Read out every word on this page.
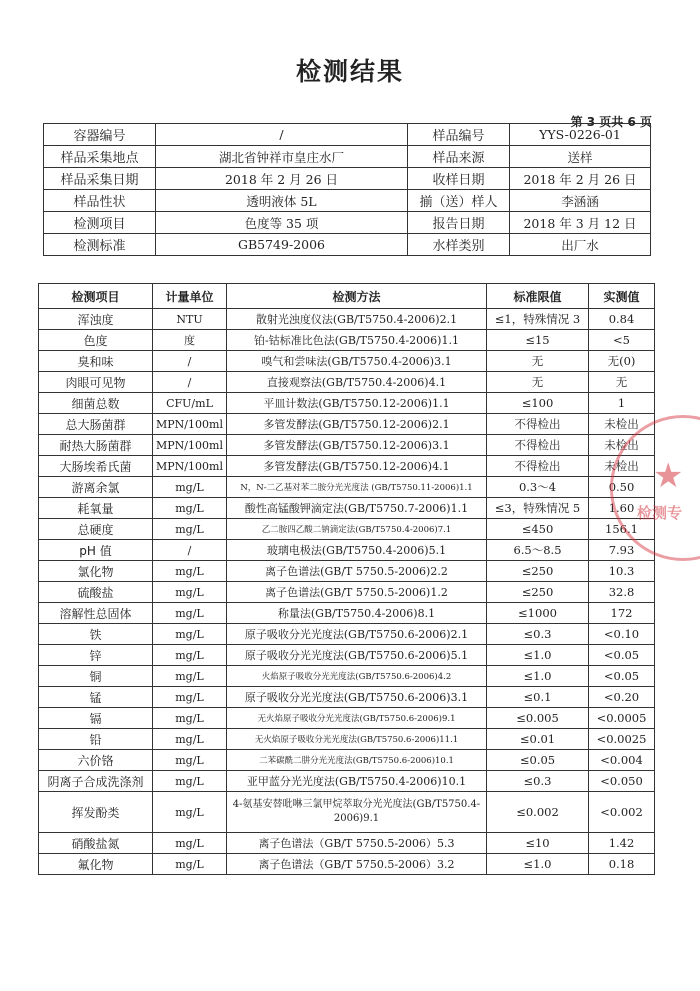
检测结果
第 3 页共 6 页
容器编号	/	样品编号	YYS-0226-01
样品采集地点	湖北省钟祥市皇庄水厂	样品来源	送样
样品采集日期	2018 年 2 月 26 日	收样日期	2018 年 2 月 26 日
样品性状	透明液体 5L	揃（送）样人	李涵涵
检测项目	色度等 35 项	报告日期	2018 年 3 月 12 日
检测标准	GB5749-2006	水样类别	出厂水
检测项目	计量单位	检测方法	标准限值	实测值
浑浊度	NTU	散射光浊度仪法(GB/T5750.4-2006)2.1	≤1，特殊情况 3	0.84
色度	度	铂-钴标准比色法(GB/T5750.4-2006)1.1	≤15	<5
臭和味	/	嗅气和尝味法(GB/T5750.4-2006)3.1	无	无(0)
肉眼可见物	/	直接观察法(GB/T5750.4-2006)4.1	无	无
细菌总数	CFU/mL	平皿计数法(GB/T5750.12-2006)1.1	≤100	1
总大肠菌群	MPN/100ml	多管发酵法(GB/T5750.12-2006)2.1	不得检出	未检出
耐热大肠菌群	MPN/100ml	多管发酵法(GB/T5750.12-2006)3.1	不得检出	未检出
大肠埃希氏菌	MPN/100ml	多管发酵法(GB/T5750.12-2006)4.1	不得检出	未检出
游离余氯	mg/L	N，N-二乙基对苯二胺分光光度法 (GB/T5750.11-2006)1.1	0.3～4	0.50
耗氧量	mg/L	酸性高锰酸钾滴定法(GB/T5750.7-2006)1.1	≤3，特殊情况 5	1.60
总硬度	mg/L	乙二胺四乙酸二钠滴定法(GB/T5750.4-2006)7.1	≤450	156.1
pH 值	/	玻璃电极法(GB/T5750.4-2006)5.1	6.5～8.5	7.93
氯化物	mg/L	离子色谱法(GB/T 5750.5-2006)2.2	≤250	10.3
硫酸盐	mg/L	离子色谱法(GB/T 5750.5-2006)1.2	≤250	32.8
溶解性总固体	mg/L	称量法(GB/T5750.4-2006)8.1	≤1000	172
铁	mg/L	原子吸收分光光度法(GB/T5750.6-2006)2.1	≤0.3	<0.10
锌	mg/L	原子吸收分光光度法(GB/T5750.6-2006)5.1	≤1.0	<0.05
铜	mg/L	火焰原子吸收分光光度法(GB/T5750.6-2006)4.2	≤1.0	<0.05
锰	mg/L	原子吸收分光光度法(GB/T5750.6-2006)3.1	≤0.1	<0.20
镉	mg/L	无火焰原子吸收分光光度法(GB/T5750.6-2006)9.1	≤0.005	<0.0005
铅	mg/L	无火焰原子吸收分光光度法(GB/T5750.6-2006)11.1	≤0.01	<0.0025
六价铬	mg/L	二苯碳酰二肼分光光度法(GB/T5750.6-2006)10.1	≤0.05	<0.004
阴离子合成洗涤剂	mg/L	亚甲蓝分光光度法(GB/T5750.4-2006)10.1	≤0.3	<0.050
挥发酚类	mg/L	4-氨基安替吡啉三氯甲烷萃取分光光度法(GB/T5750.4-2006)9.1	≤0.002	<0.002
硝酸盐氮	mg/L	离子色谱法（GB/T 5750.5-2006）5.3	≤10	1.42
氟化物	mg/L	离子色谱法（GB/T 5750.5-2006）3.2	≤1.0	0.18
★
检测专
